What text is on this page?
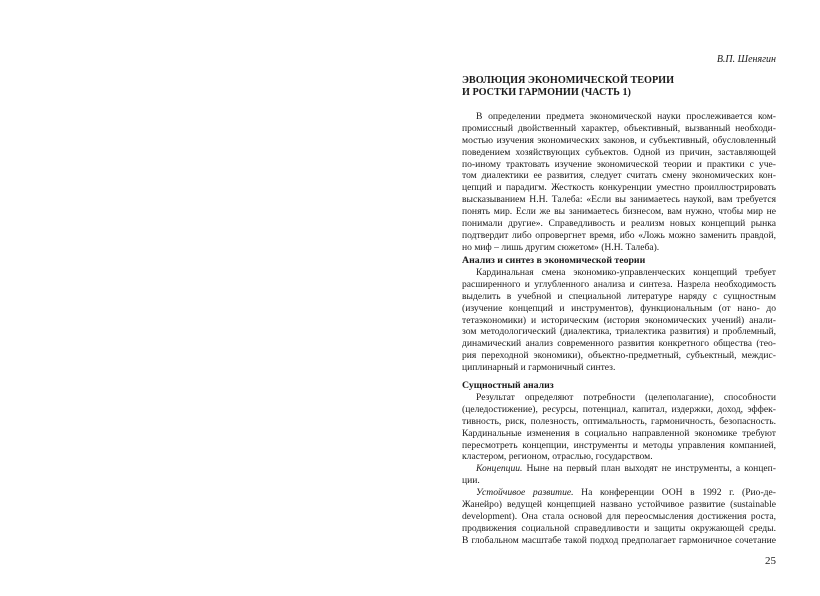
В.П. Шенягин
ЭВОЛЮЦИЯ ЭКОНОМИЧЕСКОЙ ТЕОРИИ
И РОСТКИ ГАРМОНИИ (ЧАСТЬ 1)
В определении предмета экономической науки прослеживается ком-
промиссный двойственный характер, объективный, вызванный необходи-
мостью изучения экономических законов, и субъективный, обусловленный
поведением хозяйствующих субъектов. Одной из причин, заставляющей
по-иному трактовать изучение экономической теории и практики с уче-
том диалектики ее развития, следует считать смену экономических кон-
цепций и парадигм. Жесткость конкуренции уместно проиллюстрировать
высказыванием Н.Н. Талеба: «Если вы занимаетесь наукой, вам требуется
понять мир. Если же вы занимаетесь бизнесом, вам нужно, чтобы мир не
понимали другие». Справедливость и реализм новых концепций рынка
подтвердит либо опровергнет время, ибо «Ложь можно заменить правдой,
но миф – лишь другим сюжетом» (Н.Н. Талеба).
Анализ и синтез в экономической теории
Кардинальная смена экономико-управленческих концепций требует
расширенного и углубленного анализа и синтеза. Назрела необходимость
выделить в учебной и специальной литературе наряду с сущностным
(изучение концепций и инструментов), функциональным (от нано- до
тетаэкономики) и историческим (история экономических учений) анали-
зом методологический (диалектика, триалектика развития) и проблемный,
динамический анализ современного развития конкретного общества (тео-
рия переходной экономики), объектно-предметный, субъектный, междис-
циплинарный и гармоничный синтез.
Сущностный анализ
Результат определяют потребности (целеполагание), способности
(целедостижение), ресурсы, потенциал, капитал, издержки, доход, эффек-
тивность, риск, полезность, оптимальность, гармоничность, безопасность.
Кардинальные изменения в социально направленной экономике требуют
пересмотреть концепции, инструменты и методы управления компанией,
кластером, регионом, отраслью, государством.
Концепции. Ныне на первый план выходят не инструменты, а концеп-
ции.
Устойчивое развитие. На конференции ООН в 1992 г. (Рио-де-
Жанейро) ведущей концепцией названо устойчивое развитие (sustainable
development). Она стала основой для переосмысления достижения роста,
продвижения социальной справедливости и защиты окружающей среды.
В глобальном масштабе такой подход предполагает гармоничное сочетание
25
